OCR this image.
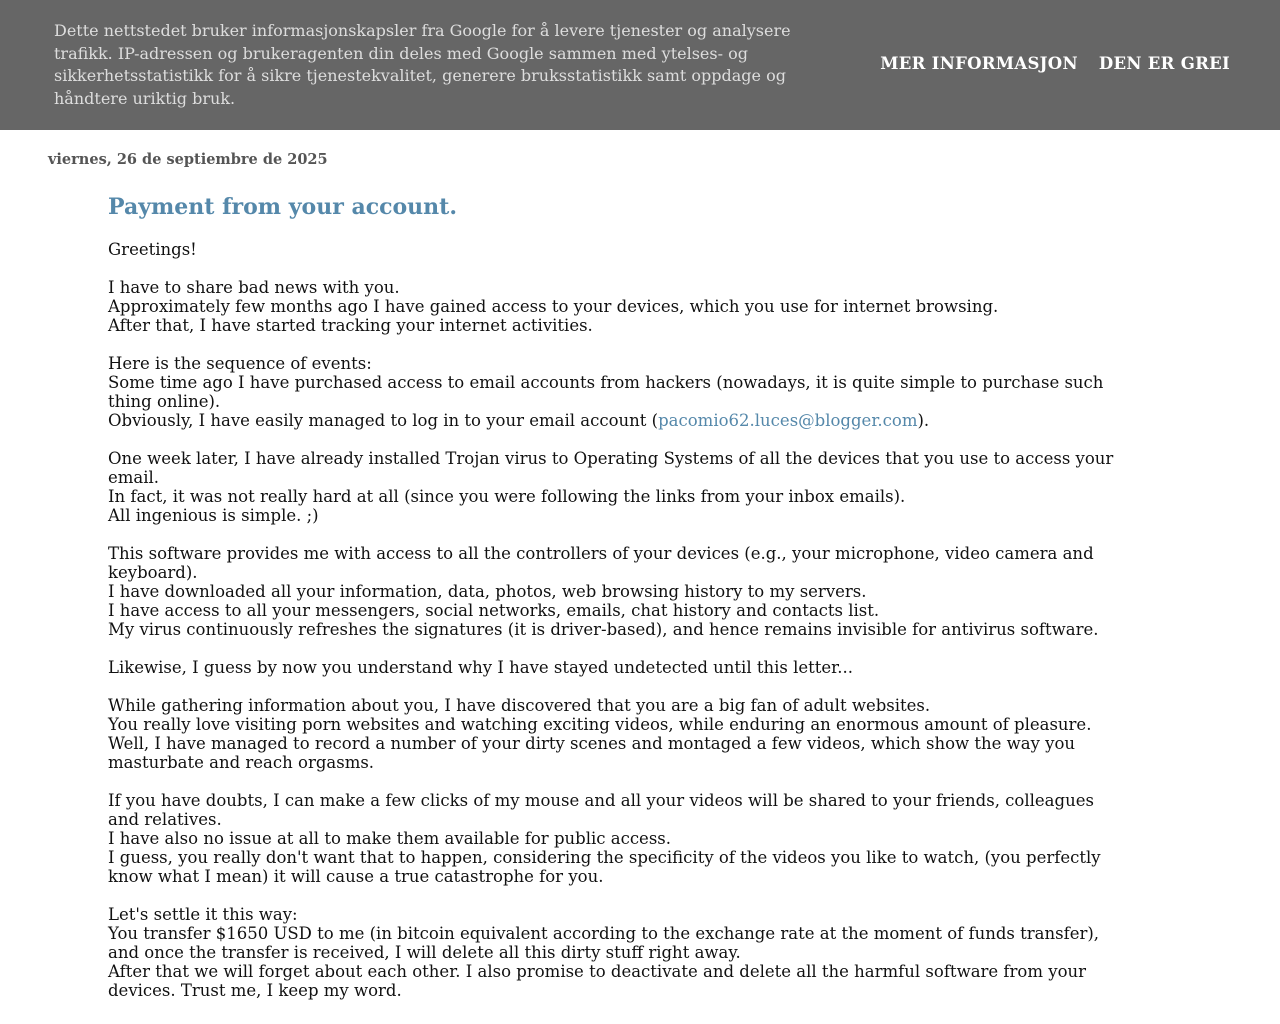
Dette nettstedet bruker informasjonskapsler fra Google for å levere tjenester og analysere trafikk. IP-adressen og brukeragenten din deles med Google sammen med ytelses- og sikkerhetsstatistikk for å sikre tjenestekvalitet, generere bruksstatistikk samt oppdage og håndtere uriktig bruk.
MER INFORMASJON DEN ER GREI
viernes, 26 de septiembre de 2025
Payment from your account.
Greetings!
I have to share bad news with you.
Approximately few months ago I have gained access to your devices, which you use for internet browsing.
After that, I have started tracking your internet activities.
Here is the sequence of events:
Some time ago I have purchased access to email accounts from hackers (nowadays, it is quite simple to purchase such thing online).
Obviously, I have easily managed to log in to your email account (pacomio62.luces@blogger.com).
One week later, I have already installed Trojan virus to Operating Systems of all the devices that you use to access your email.
In fact, it was not really hard at all (since you were following the links from your inbox emails).
All ingenious is simple. ;)
This software provides me with access to all the controllers of your devices (e.g., your microphone, video camera and keyboard).
I have downloaded all your information, data, photos, web browsing history to my servers.
I have access to all your messengers, social networks, emails, chat history and contacts list.
My virus continuously refreshes the signatures (it is driver-based), and hence remains invisible for antivirus software.
Likewise, I guess by now you understand why I have stayed undetected until this letter...
While gathering information about you, I have discovered that you are a big fan of adult websites.
You really love visiting porn websites and watching exciting videos, while enduring an enormous amount of pleasure.
Well, I have managed to record a number of your dirty scenes and montaged a few videos, which show the way you masturbate and reach orgasms.
If you have doubts, I can make a few clicks of my mouse and all your videos will be shared to your friends, colleagues and relatives.
I have also no issue at all to make them available for public access.
I guess, you really don't want that to happen, considering the specificity of the videos you like to watch, (you perfectly know what I mean) it will cause a true catastrophe for you.
Let's settle it this way:
You transfer $1650 USD to me (in bitcoin equivalent according to the exchange rate at the moment of funds transfer), and once the transfer is received, I will delete all this dirty stuff right away.
After that we will forget about each other. I also promise to deactivate and delete all the harmful software from your devices. Trust me, I keep my word.
